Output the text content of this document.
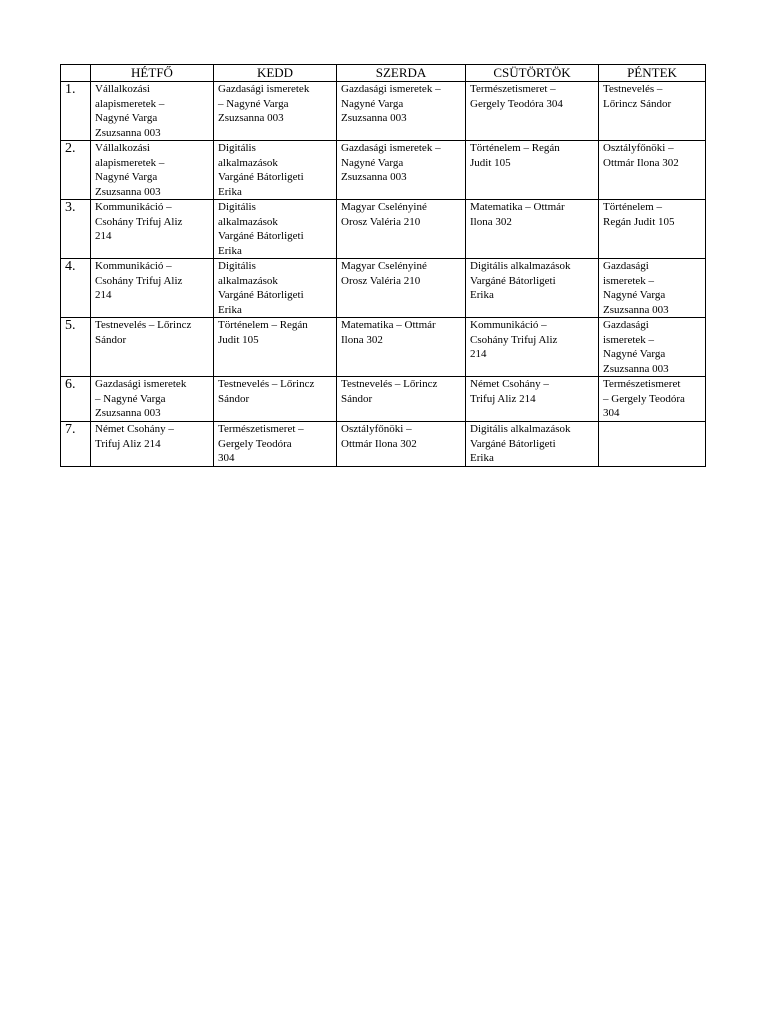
	HÉTFŐ	KEDD	SZERDA	CSÜTÖRTÖK	PÉNTEK
1.	Vállalkozási
alapismeretek –
Nagyné Varga
Zsuzsanna 003	Gazdasági ismeretek
– Nagyné Varga
Zsuzsanna 003	Gazdasági ismeretek –
Nagyné Varga
Zsuzsanna 003	Természetismeret –
Gergely Teodóra 304	Testnevelés –
Lőrincz Sándor

2.	Vállalkozási
alapismeretek –
Nagyné Varga
Zsuzsanna 003	Digitális
alkalmazások
Vargáné Bátorligeti
Erika	Gazdasági ismeretek –
Nagyné Varga
Zsuzsanna 003	Történelem – Regán
Judit 105	Osztályfőnöki –
Ottmár Ilona 302

3.	Kommunikáció –
Csohány Trifuj Aliz
214	Digitális
alkalmazások
Vargáné Bátorligeti
Erika	Magyar Cselényiné
Orosz Valéria 210	Matematika – Ottmár
Ilona 302	Történelem –
Regán Judit 105

4.	Kommunikáció –
Csohány Trifuj Aliz
214	Digitális
alkalmazások
Vargáné Bátorligeti
Erika	Magyar Cselényiné
Orosz Valéria 210	Digitális alkalmazások
Vargáné Bátorligeti
Erika	Gazdasági
ismeretek –
Nagyné Varga
Zsuzsanna 003

5.	Testnevelés – Lőrincz
Sándor	Történelem – Regán
Judit 105	Matematika – Ottmár
Ilona 302	Kommunikáció –
Csohány Trifuj Aliz
214	Gazdasági
ismeretek –
Nagyné Varga
Zsuzsanna 003

6.	Gazdasági ismeretek
– Nagyné Varga
Zsuzsanna 003	Testnevelés – Lőrincz
Sándor	Testnevelés – Lőrincz
Sándor	Német Csohány –
Trifuj Aliz 214	Természetismeret
– Gergely Teodóra
304

7.	Német Csohány –
Trifuj Aliz 214	Természetismeret –
Gergely Teodóra
304	Osztályfőnöki –
Ottmár Ilona 302	Digitális alkalmazások
Vargáné Bátorligeti
Erika	
